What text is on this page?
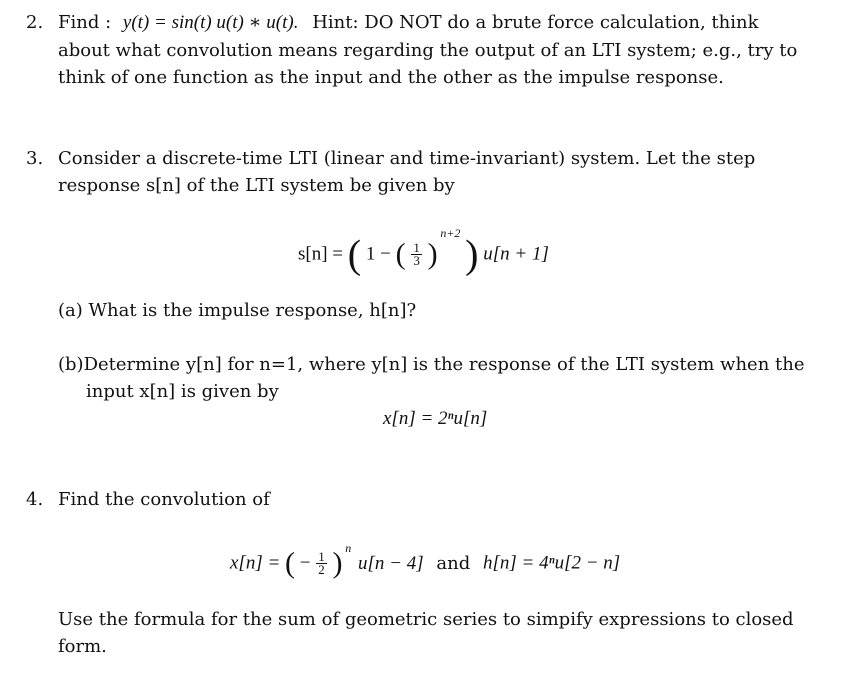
2. Find : y(t) = sin(t) u(t) ∗ u(t). Hint: DO NOT do a brute force calculation, think
about what convolution means regarding the output of an LTI system; e.g., try to
think of one function as the input and the other as the impulse response.
3. Consider a discrete-time LTI (linear and time-invariant) system. Let the step
response s[n] of the LTI system be given by
s[n] = ( 1 − ( $\frac{1}{3}$ ) $^{n+2}$ ) u[n + 1]
(a) What is the impulse response, h[n]?
(b)Determine y[n] for n=1, where y[n] is the response of the LTI system when the
input x[n] is given by
x[n] = 2ⁿu[n]
4. Find the convolution of
x[n] = ( − $\frac{1}{2}$ ) $^n$ u[n − 4] and h[n] = 4ⁿu[2 − n]
Use the formula for the sum of geometric series to simpify expressions to closed
form.
